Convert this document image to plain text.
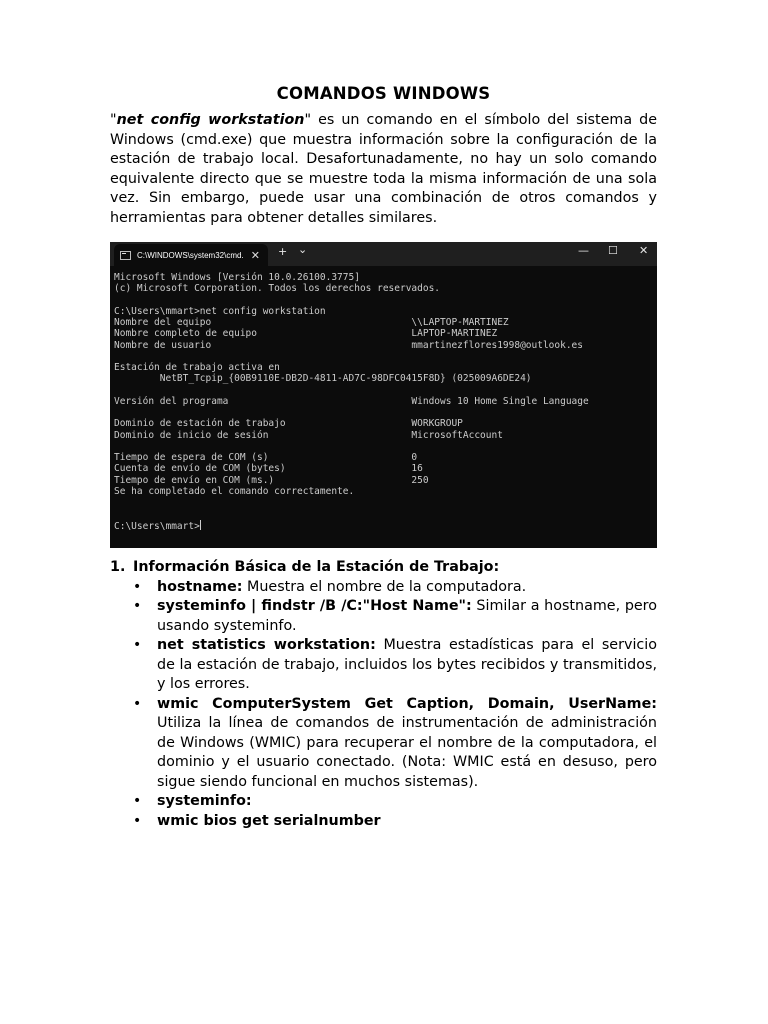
COMANDOS WINDOWS

"net config workstation" es un comando en el símbolo del sistema de Windows (cmd.exe) que muestra información sobre la configuración de la estación de trabajo local. Desafortunadamente, no hay un solo comando equivalente directo que se muestre toda la misma información de una sola vez. Sin embargo, puede usar una combinación de otros comandos y herramientas para obtener detalles similares.

C:\WINDOWS\system32\cmd. ✕ + ⌄	— ☐ ✕
Microsoft Windows [Versión 10.0.26100.3775]
(c) Microsoft Corporation. Todos los derechos reservados.

C:\Users\mmart>net config workstation
Nombre del equipo                                   \\LAPTOP-MARTINEZ
Nombre completo de equipo                           LAPTOP-MARTINEZ
Nombre de usuario                                   mmartinezflores1998@outlook.es

Estación de trabajo activa en
NetBT_Tcpip_{00B9110E-DB2D-4811-AD7C-98DFC0415F8D} (025009A6DE24)

Versión del programa                                Windows 10 Home Single Language

Dominio de estación de trabajo                      WORKGROUP
Dominio de inicio de sesión                         MicrosoftAccount

Tiempo de espera de COM (s)                         0
Cuenta de envío de COM (bytes)                      16
Tiempo de envío en COM (ms.)                        250
Se ha completado el comando correctamente.

C:\Users\mmart>
1. Información Básica de la Estación de Trabajo:
• hostname: Muestra el nombre de la computadora.
• systeminfo | findstr /B /C:"Host Name": Similar a hostname, pero usando systeminfo.
• net statistics workstation: Muestra estadísticas para el servicio de la estación de trabajo, incluidos los bytes recibidos y transmitidos, y los errores.
• wmic ComputerSystem Get Caption, Domain, UserName: Utiliza la línea de comandos de instrumentación de administración de Windows (WMIC) para recuperar el nombre de la computadora, el dominio y el usuario conectado. (Nota: WMIC está en desuso, pero sigue siendo funcional en muchos sistemas).
• systeminfo:
• wmic bios get serialnumber
